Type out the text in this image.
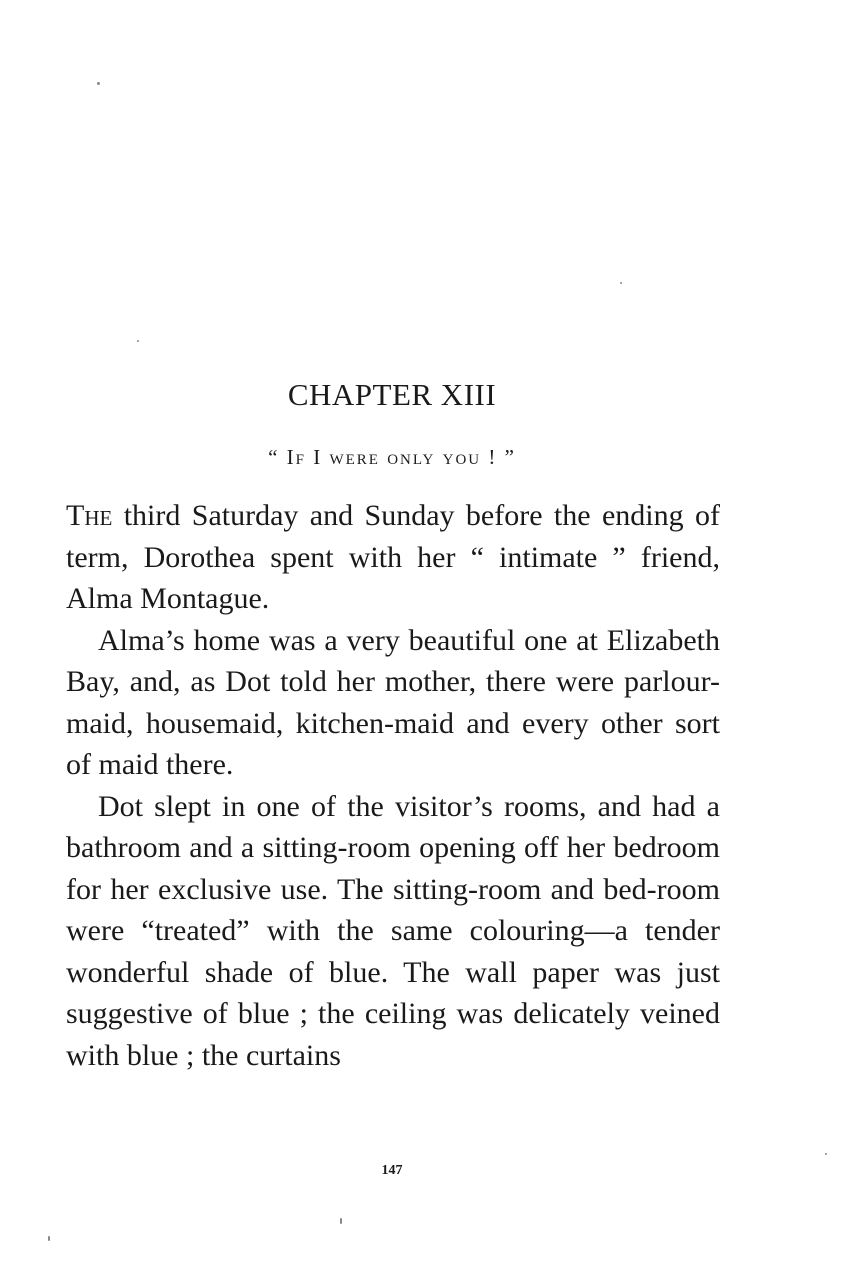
CHAPTER XIII
“ If I were only you ! ”

The third Saturday and Sunday before the ending of term, Dorothea spent with her “ intimate ” friend, Alma Montague.

Alma’s home was a very beautiful one at Elizabeth Bay, and, as Dot told her mother, there were parlour-maid, housemaid, kitchen-maid and every other sort of maid there.

Dot slept in one of the visitor’s rooms, and had a bathroom and a sitting-room opening off her bedroom for her exclusive use. The sitting-room and bed-room were “treated” with the same colouring—a tender wonderful shade of blue. The wall paper was just suggestive of blue ; the ceiling was delicately veined with blue ; the curtains

147
